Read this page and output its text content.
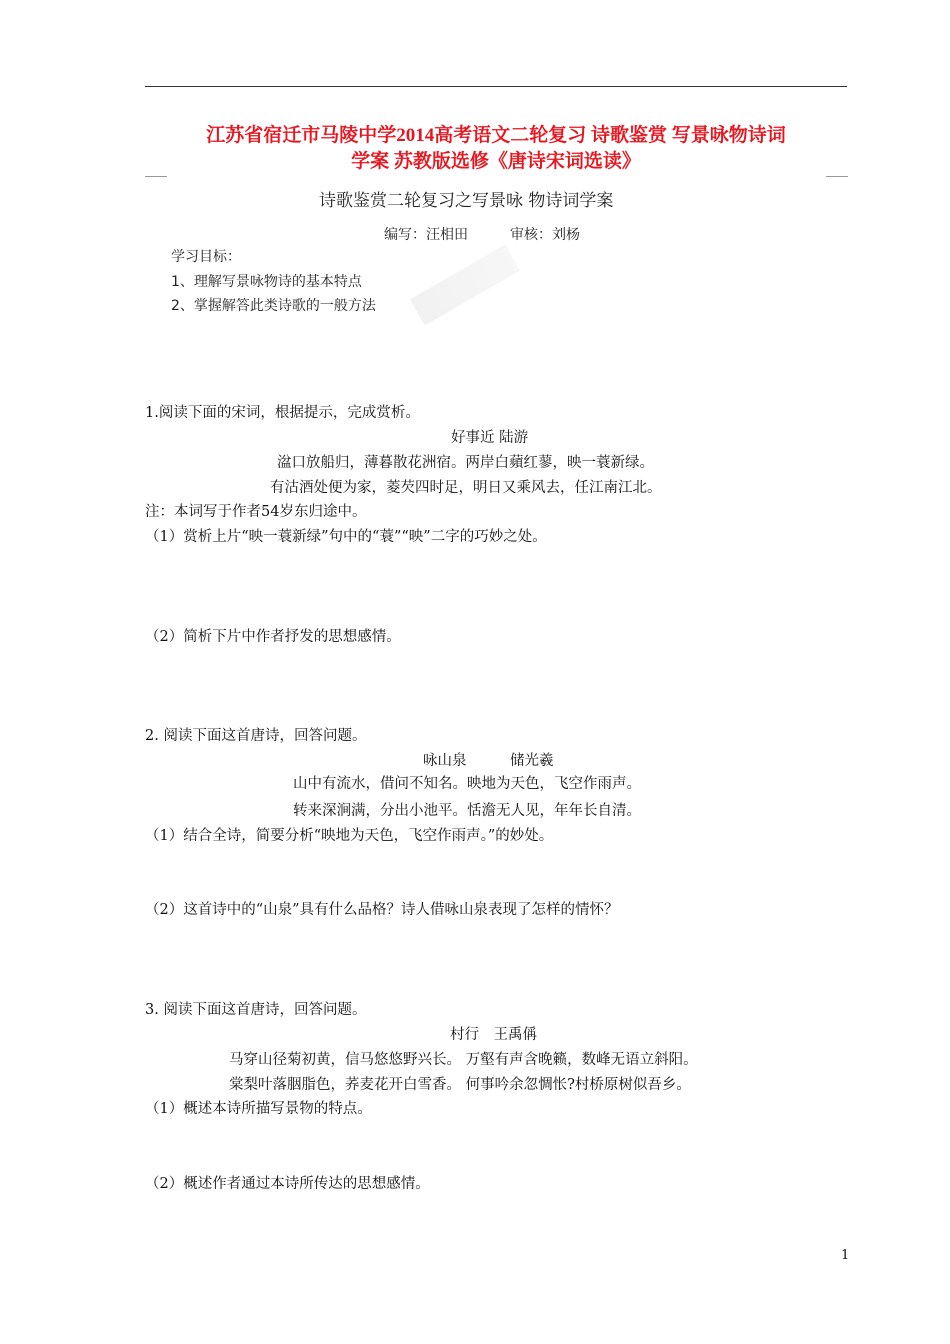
江苏省宿迁市马陵中学2014高考语文二轮复习 诗歌鉴赏 写景咏物诗词
学案 苏教版选修《唐诗宋词选读》
诗歌鉴赏二轮复习之写景咏 物诗词学案
编写：汪相田　　　审核：刘杨
学习目标：
1、理解写景咏物诗的基本特点
2、掌握解答此类诗歌的一般方法
1.阅读下面的宋词，根据提示，完成赏析。
好事近 陆游
湓口放船归，薄暮散花洲宿。两岸白蘋红蓼，映一蓑新绿。
有沽酒处便为家，菱芡四时足，明日又乘风去，任江南江北。
注：本词写于作者54岁东归途中。
（1）赏析上片“映一蓑新绿”句中的“蓑”“映”二字的巧妙之处。
（2）简析下片中作者抒发的思想感情。
2. 阅读下面这首唐诗，回答问题。
咏山泉　　　储光羲
山中有流水，借问不知名。映地为天色，飞空作雨声。
转来深涧满，分出小池平。恬澹无人见，年年长自清。
（1）结合全诗，简要分析“映地为天色，飞空作雨声。”的妙处。
（2）这首诗中的“山泉”具有什么品格？诗人借咏山泉表现了怎样的情怀？
3. 阅读下面这首唐诗，回答问题。
村行　王禹偁
马穿山径菊初黄，信马悠悠野兴长。 万壑有声含晚籁，数峰无语立斜阳。
棠梨叶落胭脂色，荞麦花开白雪香。 何事吟余忽惆怅?村桥原树似吾乡。
（1）概述本诗所描写景物的特点。
（2）概述作者通过本诗所传达的思想感情。
1
